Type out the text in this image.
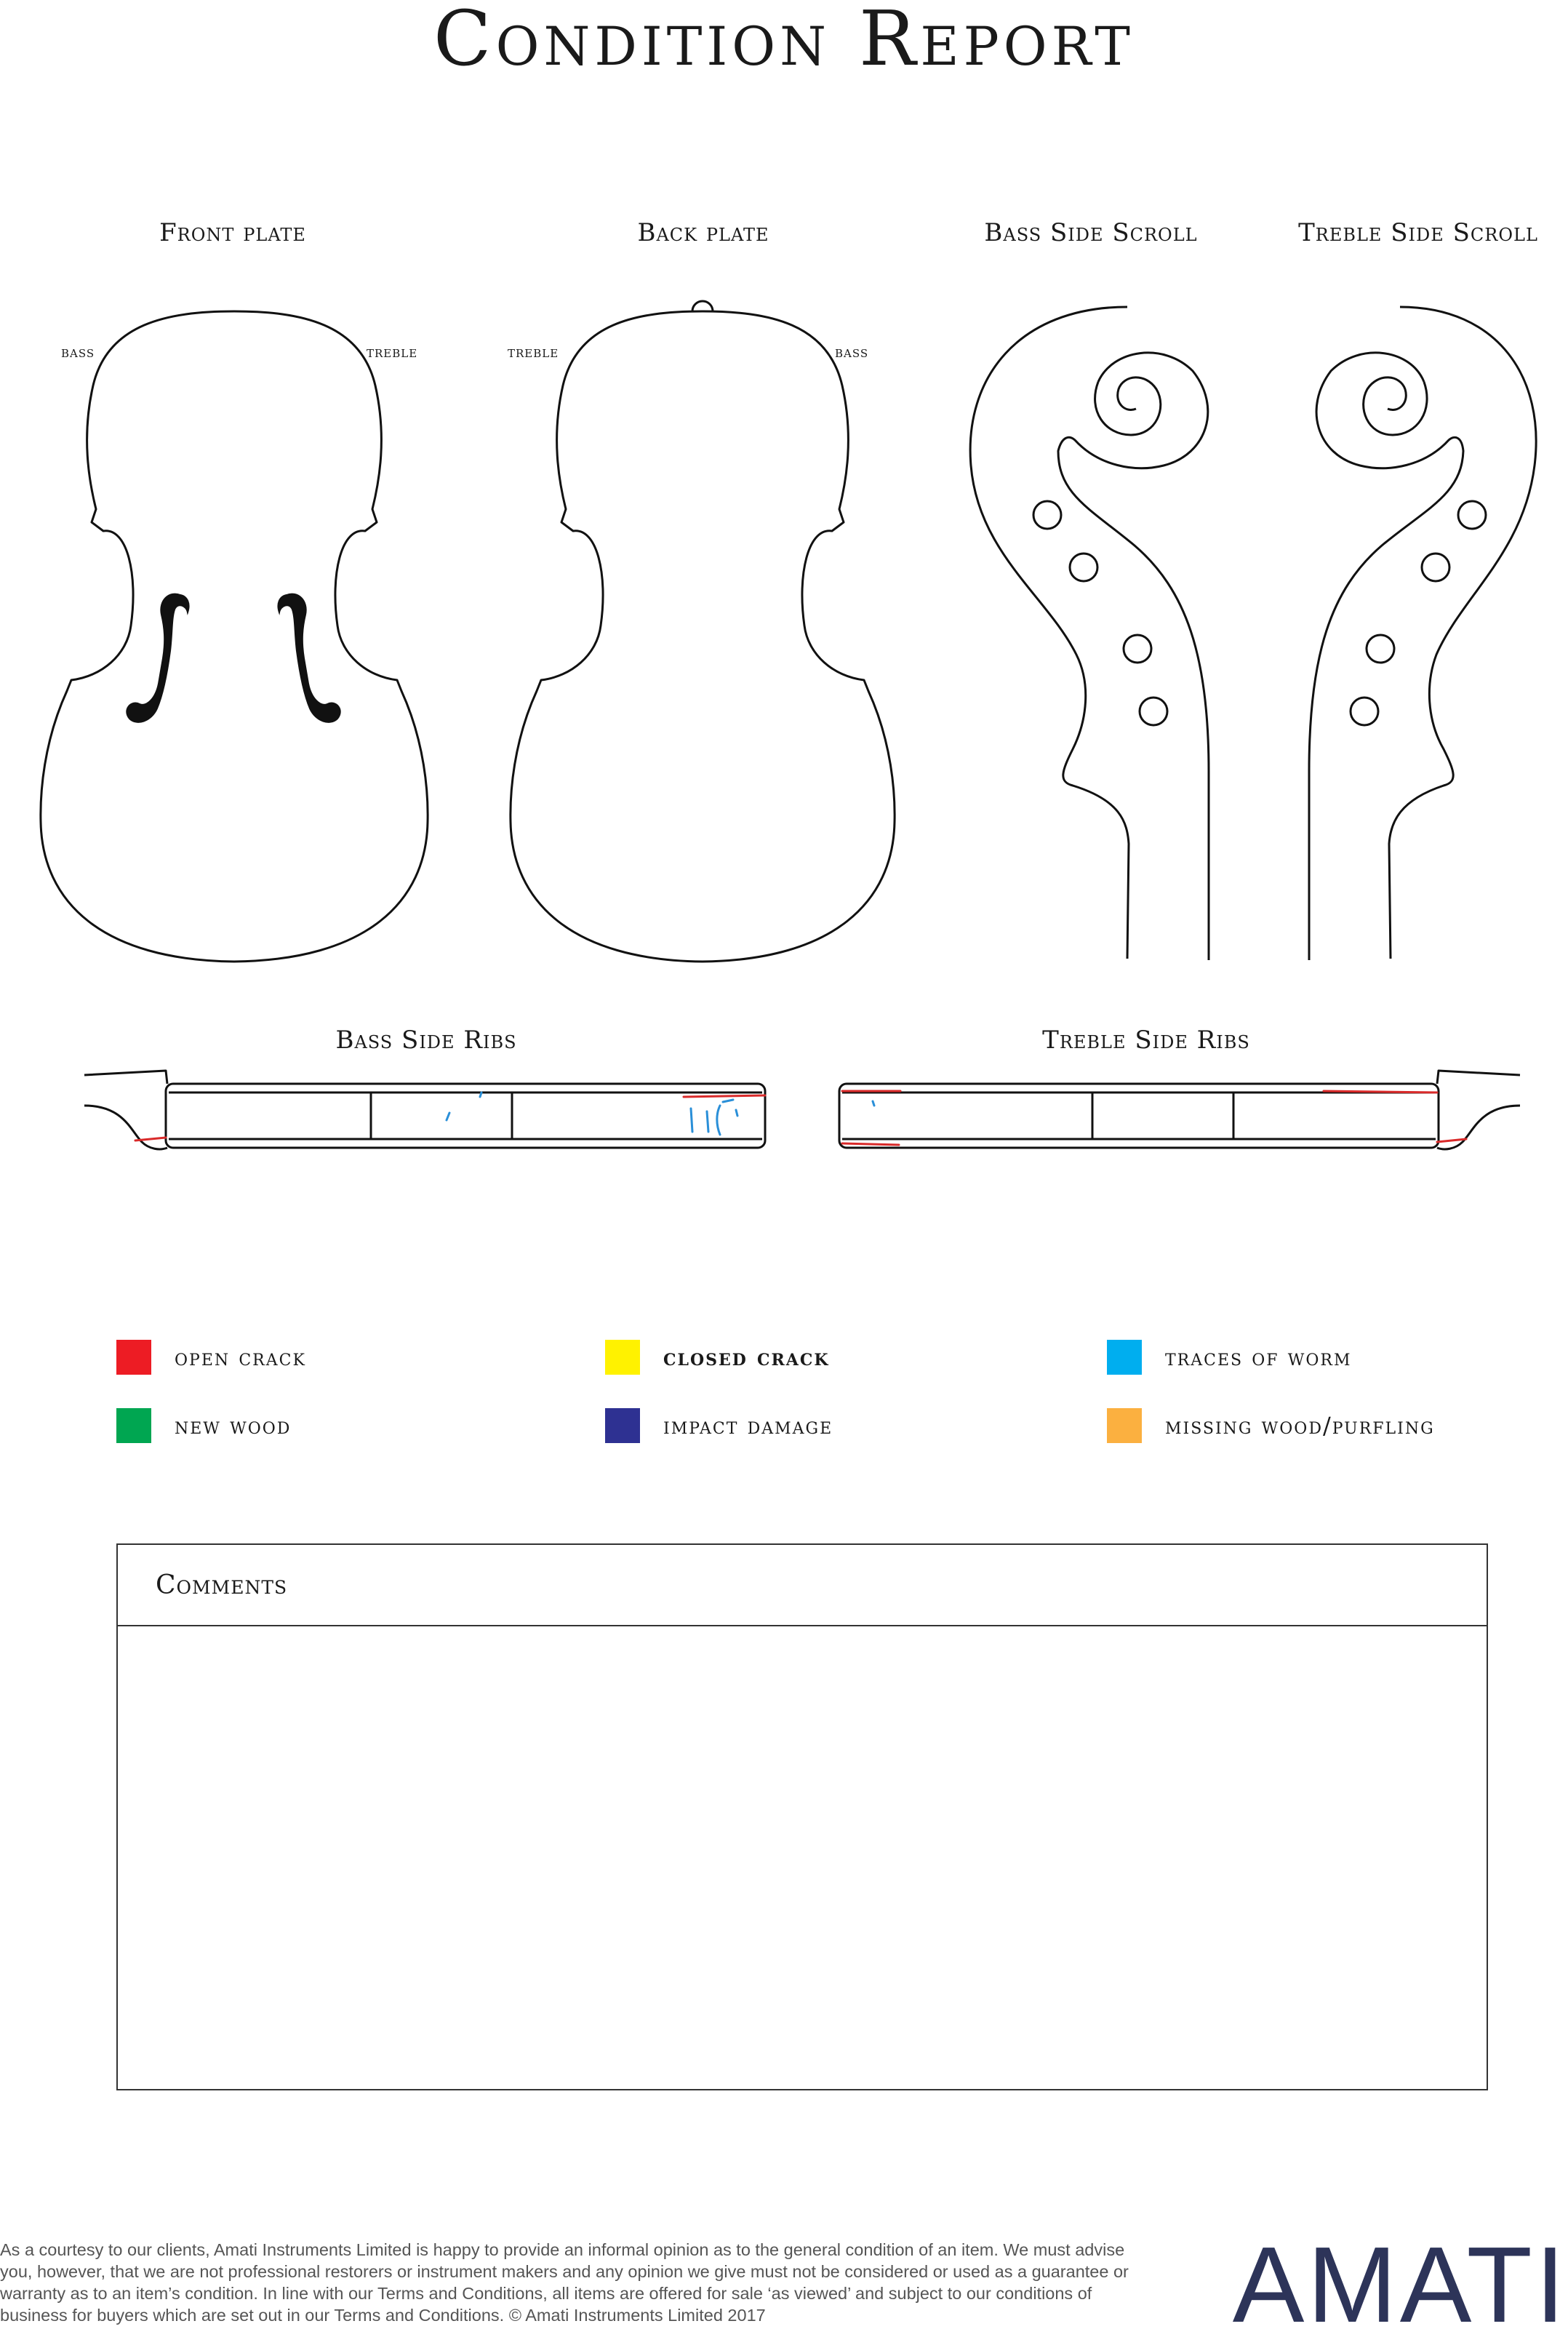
Condition Report
Front plate	Back plate	Bass Side Scroll	Treble Side Scroll
Bass Side Ribs	Treble Side Ribs
bass	treble	treble	bass
open crack	closed crack	traces of worm
new wood	impact damage	missing wood/purfling
Comments

As a courtesy to our clients, Amati Instruments Limited is happy to provide an informal opinion as to the general condition of an item. We must advise you, however, that we are not professional restorers or instrument makers and any opinion we give must not be considered or used as a guarantee or warranty as to an item’s condition. In line with our Terms and Conditions, all items are offered for sale ‘as viewed’ and subject to our conditions of business for buyers which are set out in our Terms and Conditions. © Amati Instruments Limited 2017	AMATI
